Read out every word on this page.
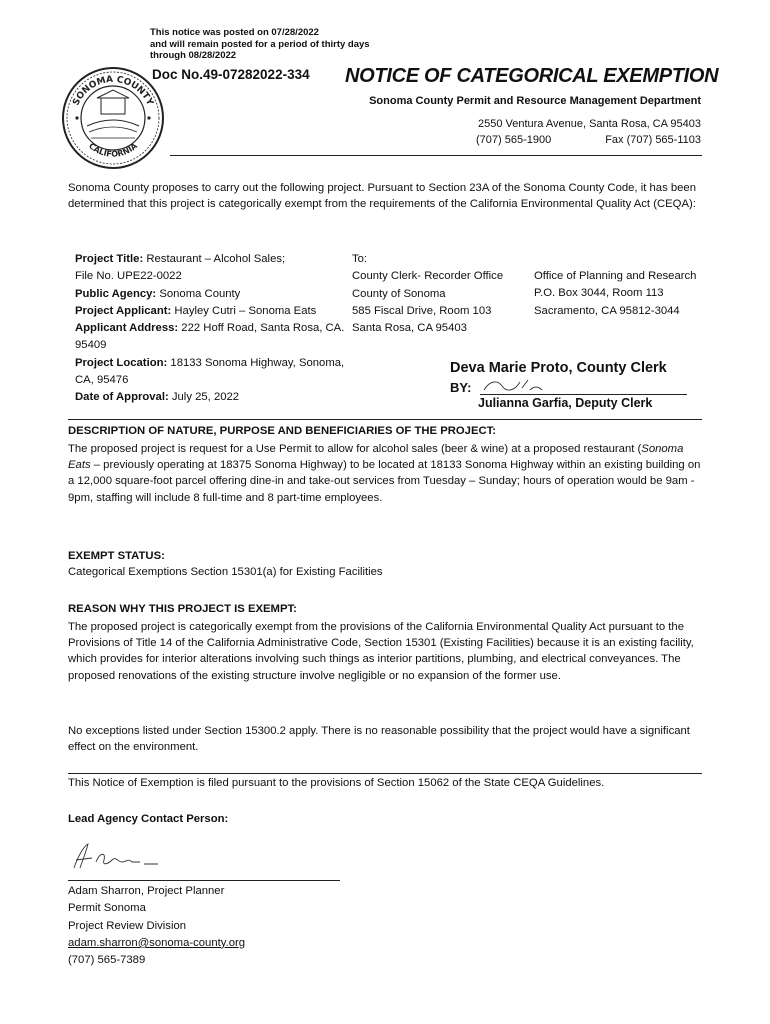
This notice was posted on 07/28/2022
and will remain posted for a period of thirty days
through 08/28/2022
SONOMA COUNTY
CALIFORNIA
Doc No.49-07282022-334 NOTICE OF CATEGORICAL EXEMPTION
Sonoma County Permit and Resource Management Department
2550 Ventura Avenue, Santa Rosa, CA 95403
(707) 565-1900	Fax (707) 565-1103
Sonoma County proposes to carry out the following project. Pursuant to Section 23A of the Sonoma County Code, it has been determined that this project is categorically exempt from the requirements of the California Environmental Quality Act (CEQA):
Project Title: Restaurant – Alcohol Sales;
File No. UPE22-0022
Public Agency: Sonoma County
Project Applicant: Hayley Cutri – Sonoma Eats
Applicant Address: 222 Hoff Road, Santa Rosa, CA. 95409
Project Location: 18133 Sonoma Highway, Sonoma, CA, 95476
Date of Approval: July 25, 2022
To:
County Clerk- Recorder Office
County of Sonoma
585 Fiscal Drive, Room 103
Santa Rosa, CA 95403
Office of Planning and Research
P.O. Box 3044, Room 113
Sacramento, CA 95812-3044
Deva Marie Proto, County Clerk
BY:
Julianna Garfia, Deputy Clerk
DESCRIPTION OF NATURE, PURPOSE AND BENEFICIARIES OF THE PROJECT:
The proposed project is request for a Use Permit to allow for alcohol sales (beer & wine) at a proposed restaurant (Sonoma Eats – previously operating at 18375 Sonoma Highway) to be located at 18133 Sonoma Highway within an existing building on a 12,000 square-foot parcel offering dine-in and take-out services from Tuesday – Sunday; hours of operation would be 9am - 9pm, staffing will include 8 full-time and 8 part-time employees.
EXEMPT STATUS:
Categorical Exemptions Section 15301(a) for Existing Facilities
REASON WHY THIS PROJECT IS EXEMPT:
The proposed project is categorically exempt from the provisions of the California Environmental Quality Act pursuant to the Provisions of Title 14 of the California Administrative Code, Section 15301 (Existing Facilities) because it is an existing facility, which provides for interior alterations involving such things as interior partitions, plumbing, and electrical conveyances. The proposed renovations of the existing structure involve negligible or no expansion of the former use.
No exceptions listed under Section 15300.2 apply. There is no reasonable possibility that the project would have a significant effect on the environment.
This Notice of Exemption is filed pursuant to the provisions of Section 15062 of the State CEQA Guidelines.
Lead Agency Contact Person:
Adam Sharron, Project Planner
Permit Sonoma
Project Review Division
adam.sharron@sonoma-county.org
(707) 565-7389
